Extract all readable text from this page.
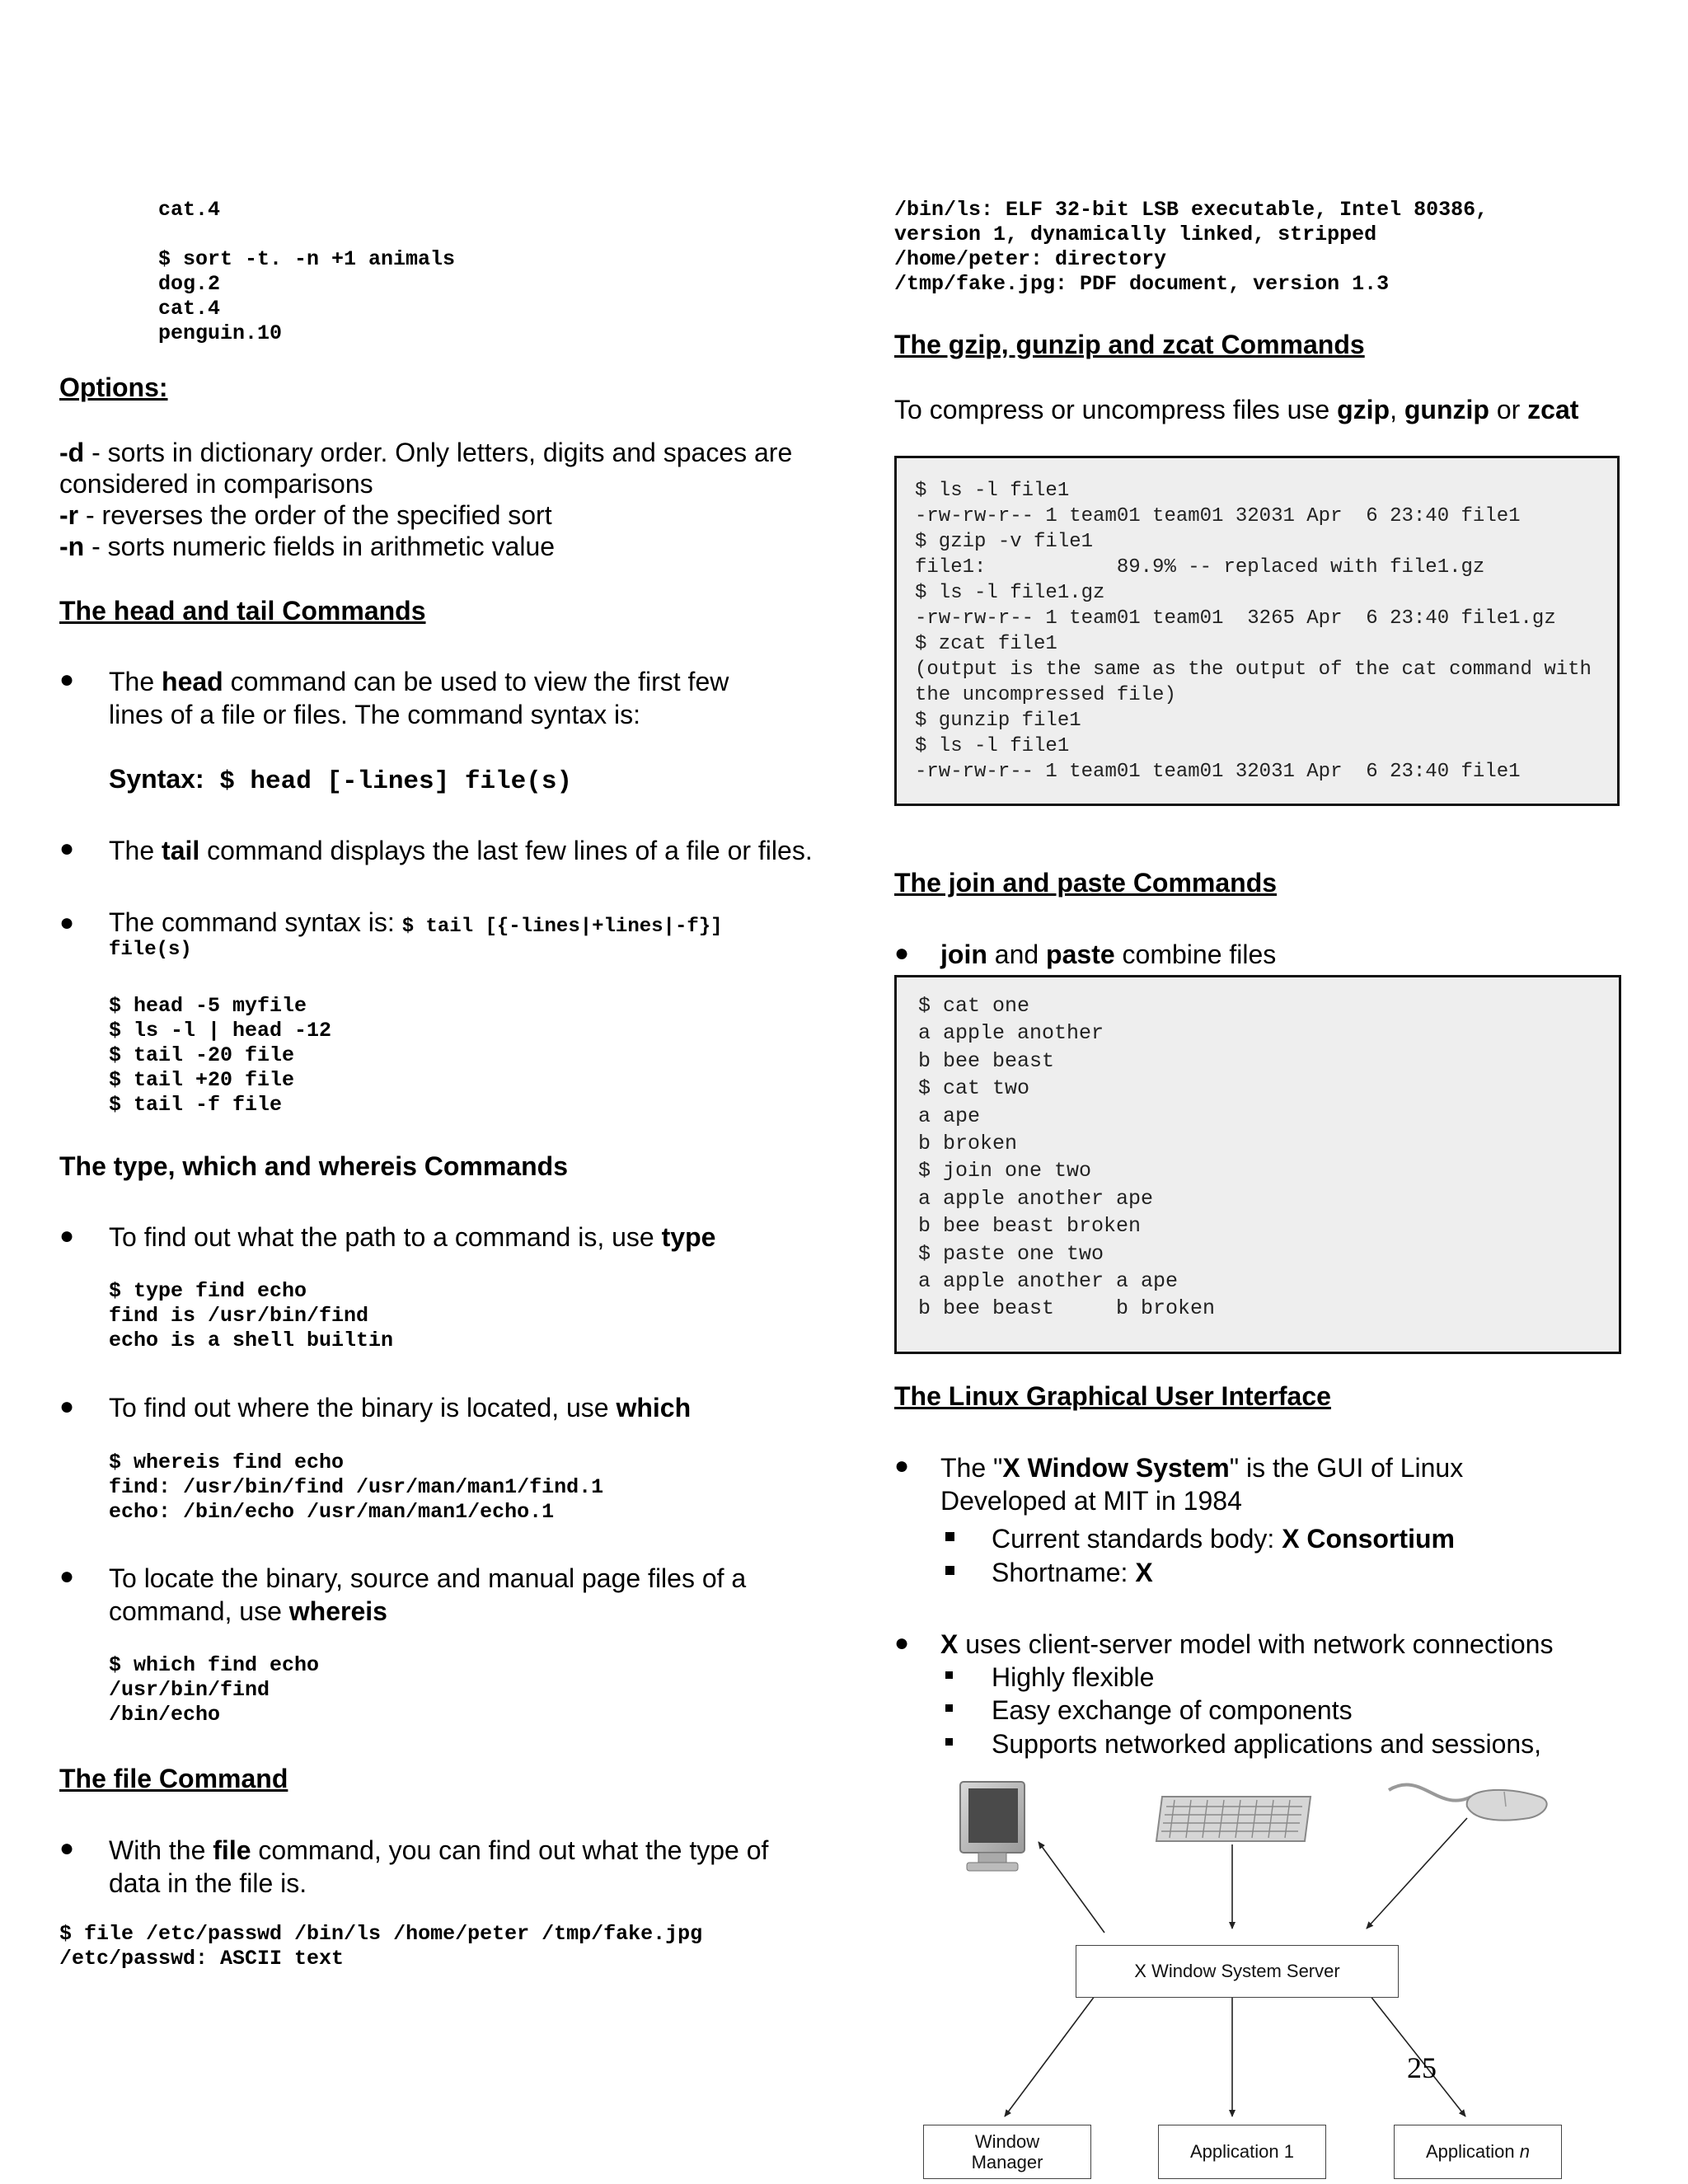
cat.4
$ sort -t. -n +1 animals
dog.2
cat.4
penguin.10
Options:
-d - sorts in dictionary order. Only letters, digits and spaces are considered in comparisons
-r - reverses the order of the specified sort
-n - sorts numeric fields in arithmetic value
The head and tail Commands
● The head command can be used to view the first few lines of a file or files. The command syntax is:
Syntax: $ head [-lines] file(s)
● The tail command displays the last few lines of a file or files.
● The command syntax is: $ tail [{-lines|+lines|-f}]
file(s)
$ head -5 myfile
$ ls -l | head -12
$ tail -20 file
$ tail +20 file
$ tail -f file
The type, which and whereis Commands
● To find out what the path to a command is, use type
$ type find echo
find is /usr/bin/find
echo is a shell builtin
● To find out where the binary is located, use which
$ whereis find echo
find: /usr/bin/find /usr/man/man1/find.1
echo: /bin/echo /usr/man/man1/echo.1
● To locate the binary, source and manual page files of a command, use whereis
$ which find echo
/usr/bin/find
/bin/echo
The file Command
● With the file command, you can find out what the type of data in the file is.
$ file /etc/passwd /bin/ls /home/peter /tmp/fake.jpg
/etc/passwd: ASCII text
/bin/ls: ELF 32-bit LSB executable, Intel 80386,
version 1, dynamically linked, stripped
/home/peter: directory
/tmp/fake.jpg: PDF document, version 1.3
The gzip, gunzip and zcat Commands
To compress or uncompress files use gzip, gunzip or zcat
$ ls -l file1
-rw-rw-r-- 1 team01 team01 32031 Apr  6 23:40 file1
$ gzip -v file1
file1:           89.9% -- replaced with file1.gz
$ ls -l file1.gz
-rw-rw-r-- 1 team01 team01  3265 Apr  6 23:40 file1.gz
$ zcat file1
(output is the same as the output of the cat command with
the uncompressed file)
$ gunzip file1
$ ls -l file1
-rw-rw-r-- 1 team01 team01 32031 Apr  6 23:40 file1
The join and paste Commands
● join and paste combine files
$ cat one
a apple another
b bee beast
$ cat two
a ape
b broken
$ join one two
a apple another ape
b bee beast broken
$ paste one two
a apple another a ape
b bee beast     b broken
The Linux Graphical User Interface
● The "X Window System" is the GUI of Linux
Developed at MIT in 1984
Current standards body: X Consortium
Shortname: X
● X uses client-server model with network connections
Highly flexible
Easy exchange of components
Supports networked applications and sessions,
X Window System Server
Window
Manager
Application 1	Application n
25
